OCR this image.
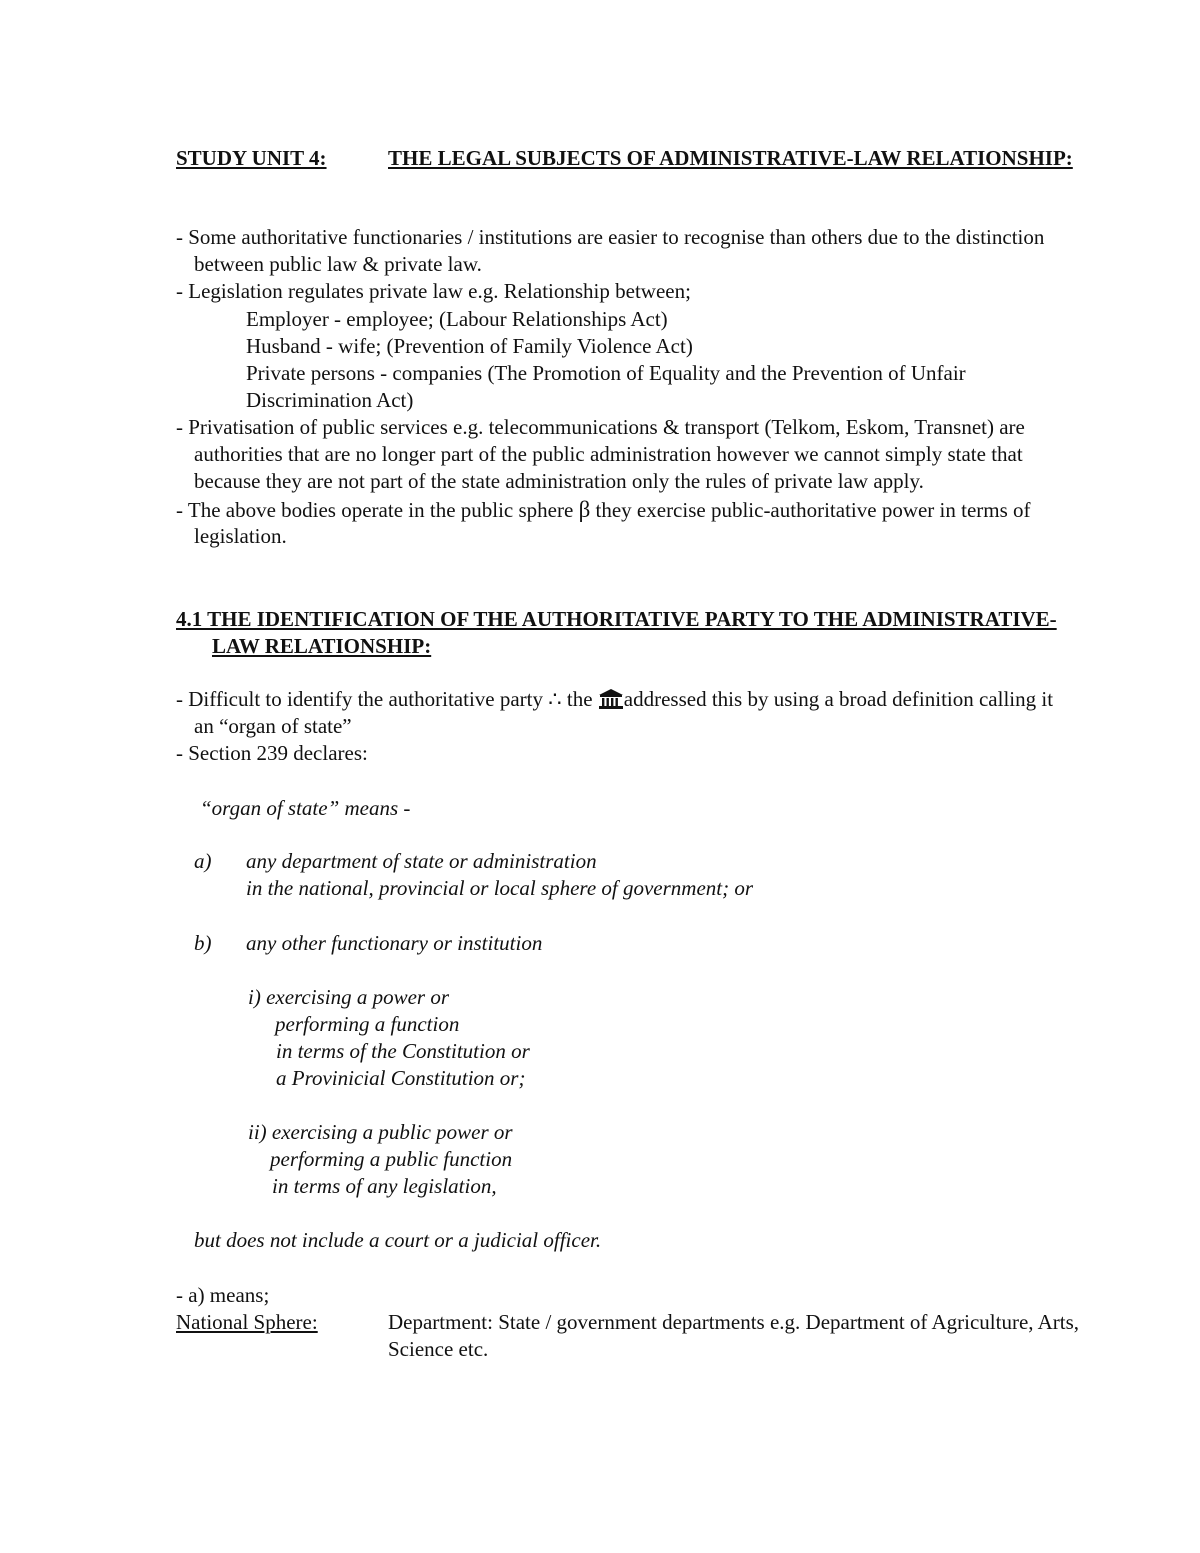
STUDY UNIT 4:	THE LEGAL SUBJECTS OF ADMINISTRATIVE-LAW RELATIONSHIP:
- Some authoritative functionaries / institutions are easier to recognise than others due to the distinction
between public law & private law.
- Legislation regulates private law e.g. Relationship between;
Employer - employee; (Labour Relationships Act)
Husband - wife; (Prevention of Family Violence Act)
Private persons - companies (The Promotion of Equality and the Prevention of Unfair
Discrimination Act)
- Privatisation of public services e.g. telecommunications & transport (Telkom, Eskom, Transnet) are
authorities that are no longer part of the public administration however we cannot simply state that
because they are not part of the state administration only the rules of private law apply.
- The above bodies operate in the public sphere β they exercise public-authoritative power in terms of
legislation.
4.1 THE IDENTIFICATION OF THE AUTHORITATIVE PARTY TO THE ADMINISTRATIVE-
LAW RELATIONSHIP:
- Difficult to identify the authoritative party ∴ the addressed this by using a broad definition calling it
an “organ of state”
- Section 239 declares:
“organ of state” means -
a) any department of state or administration
in the national, provincial or local sphere of government; or
b) any other functionary or institution
i) exercising a power or
performing a function
in terms of the Constitution or
a Provinicial Constitution or;
ii) exercising a public power or
performing a public function
in terms of any legislation,
but does not include a court or a judicial officer.
- a) means;
National Sphere:	Department: State / government departments e.g. Department of Agriculture, Arts,
Science etc.
